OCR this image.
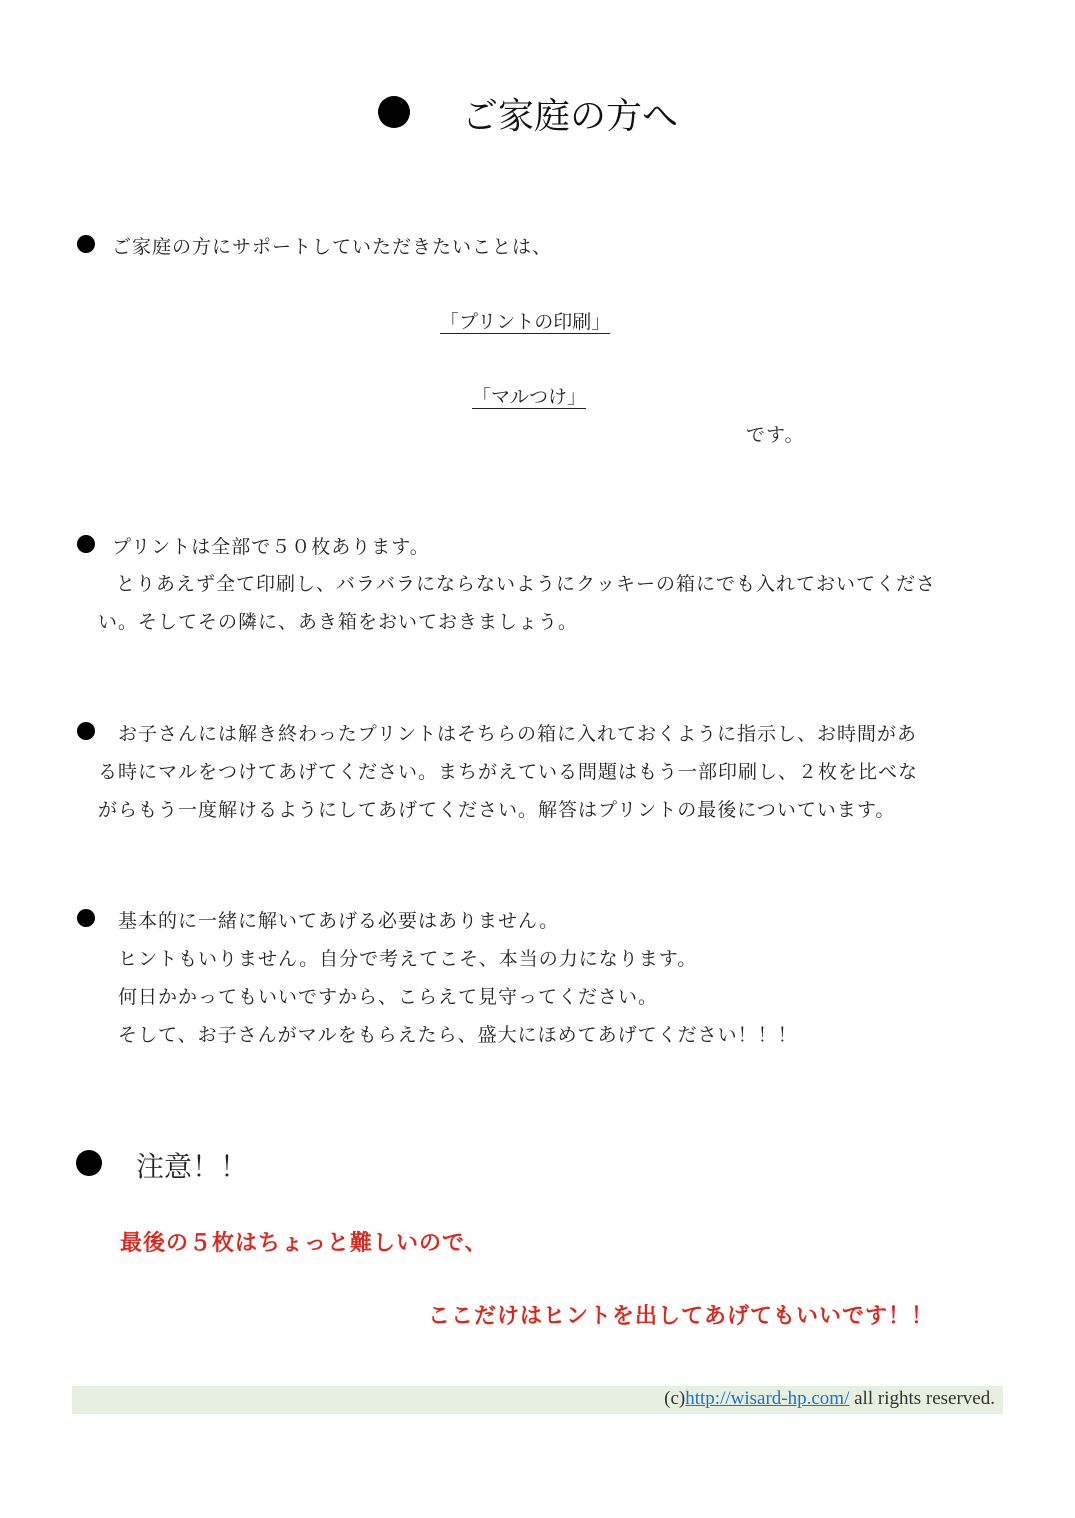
ご家庭の方へ
ご家庭の方にサポートしていただきたいことは、
「プリントの印刷」
「マルつけ」
です。
プリントは全部で５０枚あります。
とりあえず全て印刷し、バラバラにならないようにクッキーの箱にでも入れておいてくださ
い。そしてその隣に、あき箱をおいておきましょう。
お子さんには解き終わったプリントはそちらの箱に入れておくように指示し、お時間があ
る時にマルをつけてあげてください。まちがえている問題はもう一部印刷し、２枚を比べな
がらもう一度解けるようにしてあげてください。解答はプリントの最後についています。
基本的に一緒に解いてあげる必要はありません。
ヒントもいりません。自分で考えてこそ、本当の力になります。
何日かかってもいいですから、こらえて見守ってください。
そして、お子さんがマルをもらえたら、盛大にほめてあげてください！！！
注意！！
最後の５枚はちょっと難しいので、
ここだけはヒントを出してあげてもいいです！！
(c)http://wisard-hp.com/ all rights reserved.
